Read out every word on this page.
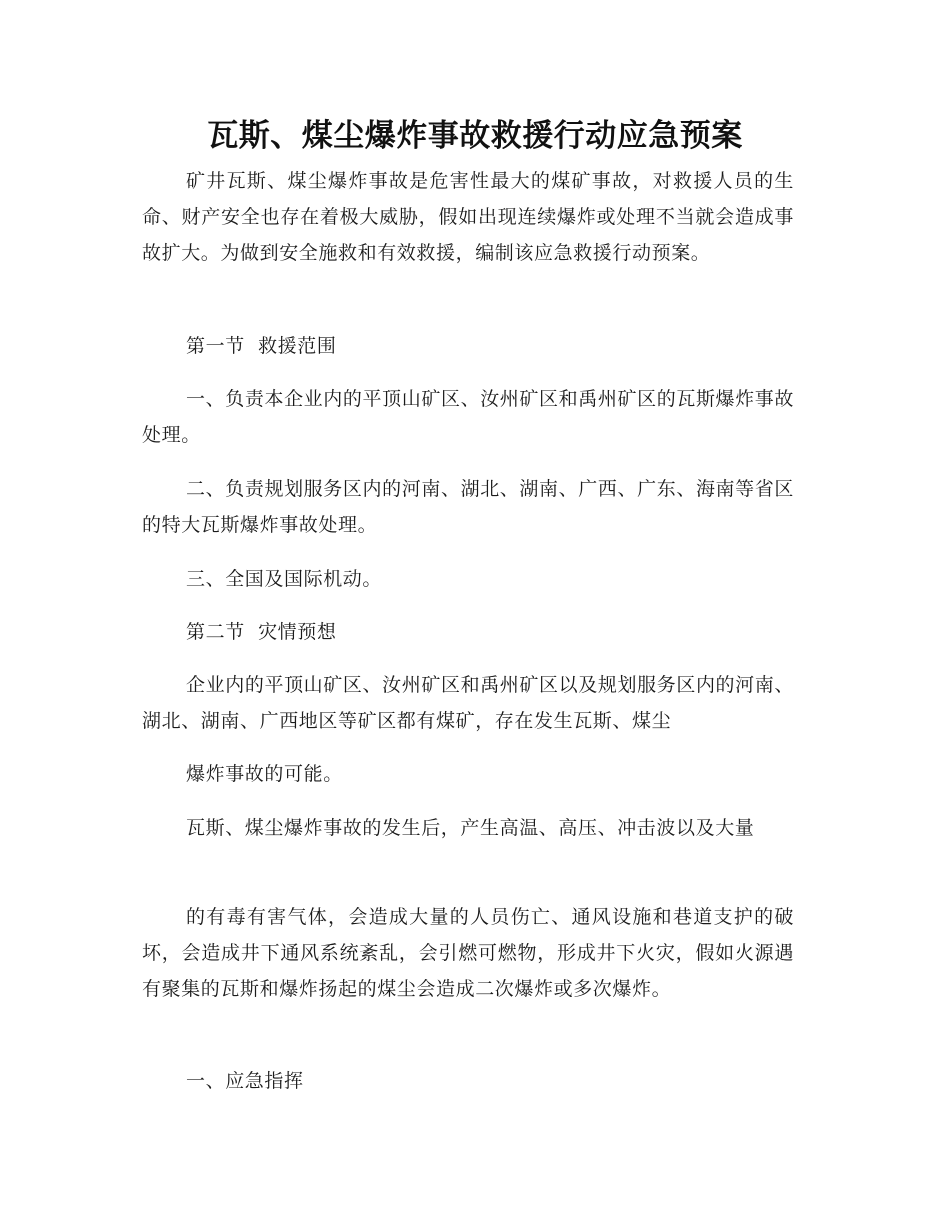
瓦斯、煤尘爆炸事故救援行动应急预案

矿井瓦斯、煤尘爆炸事故是危害性最大的煤矿事故，对救援人员的生命、财产安全也存在着极大威胁，假如出现连续爆炸或处理不当就会造成事故扩大。为做到安全施救和有效救援，编制该应急救援行动预案。

第一节  救援范围

一、负责本企业内的平顶山矿区、汝州矿区和禹州矿区的瓦斯爆炸事故处理。

二、负责规划服务区内的河南、湖北、湖南、广西、广东、海南等省区的特大瓦斯爆炸事故处理。

三、全国及国际机动。

第二节  灾情预想

企业内的平顶山矿区、汝州矿区和禹州矿区以及规划服务区内的河南、湖北、湖南、广西地区等矿区都有煤矿，存在发生瓦斯、煤尘

爆炸事故的可能。

瓦斯、煤尘爆炸事故的发生后，产生高温、高压、冲击波以及大量

的有毒有害气体，会造成大量的人员伤亡、通风设施和巷道支护的破坏，会造成井下通风系统紊乱，会引燃可燃物，形成井下火灾，假如火源遇有聚集的瓦斯和爆炸扬起的煤尘会造成二次爆炸或多次爆炸。

一、应急指挥
